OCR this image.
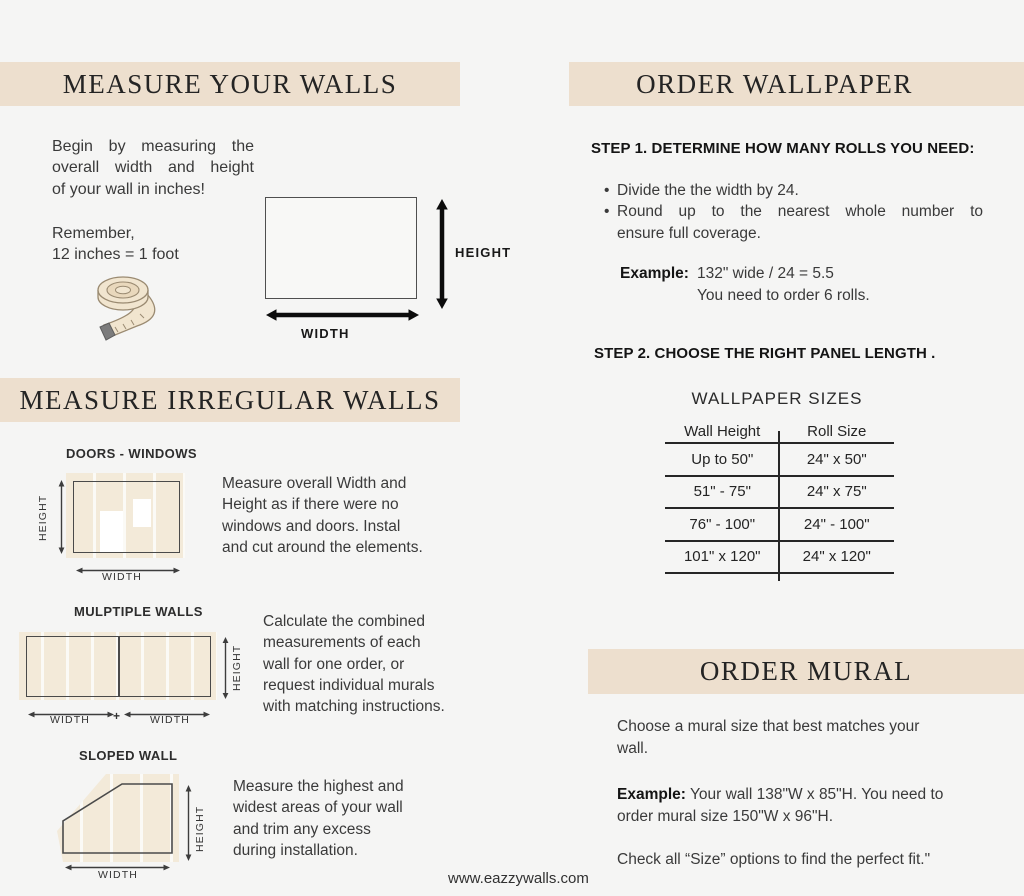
MEASURE YOUR WALLS
Begin by measuring the
overall width and height
of your wall in inches!
Remember,
12 inches = 1 foot	HEIGHT
WIDTH
MEASURE IRREGULAR WALLS
DOORS - WINDOWS
HEIGHT
WIDTH
Measure overall Width and
Height as if there were no
windows and doors. Instal
and cut around the elements.
MULPTIPLE WALLS
HEIGHT
+
WIDTH	WIDTH
Calculate the combined
measurements of each
wall for one order, or
request individual murals
with matching instructions.
SLOPED WALL
HEIGHT
WIDTH
Measure the highest and
widest areas of your wall
and trim any excess
during installation.
ORDER WALLPAPER
STEP 1. DETERMINE HOW MANY ROLLS YOU NEED:
• Divide the the width by 24.
• Round up to the nearest whole number to
ensure full coverage.
Example: 132" wide / 24 = 5.5
You need to order 6 rolls.
STEP 2. CHOOSE THE RIGHT PANEL LENGTH .
WALLPAPER SIZES
Wall Height	Roll Size
Up to 50"	24" x 50"
51" - 75"	24" x 75"
76" - 100"	24" - 100"
101" x 120"	24" x 120"
ORDER MURAL
Choose a mural size that best matches your
wall.
Example: Your wall 138"W x 85"H. You need to
order mural size 150"W x 96"H.
Check all “Size” options to find the perfect fit."
www.eazzywalls.com
